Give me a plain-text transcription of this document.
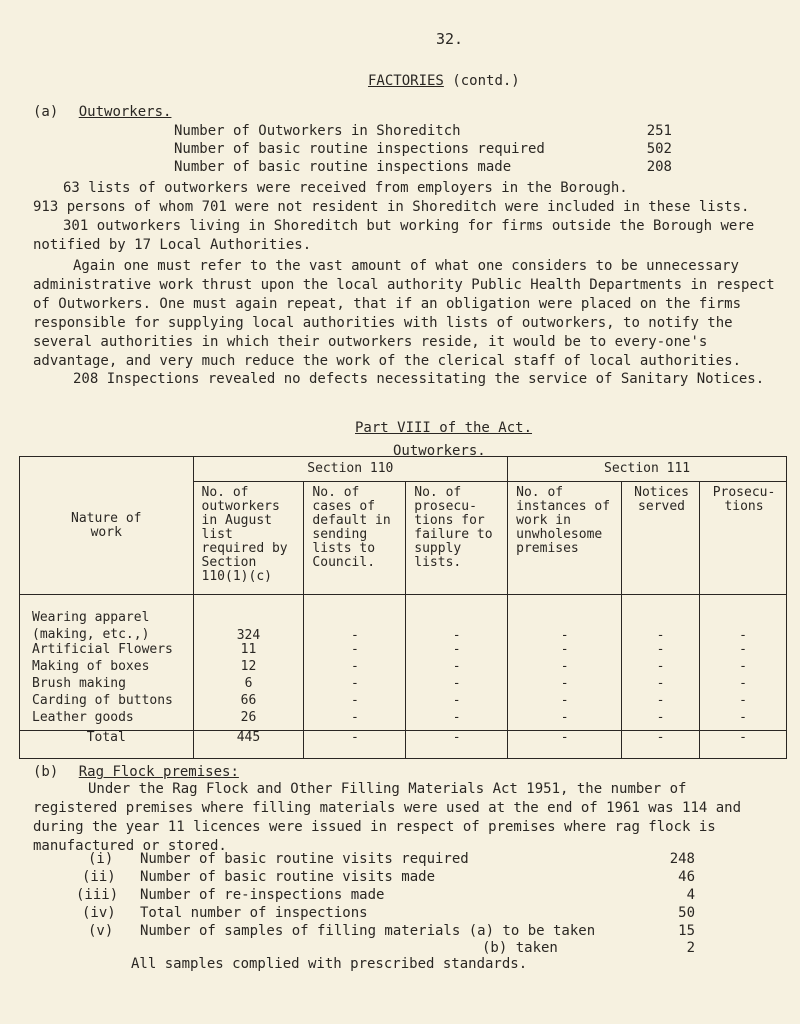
32.
FACTORIES (contd.)
(a) Outworkers.
Number of Outworkers in Shoreditch	251
Number of basic routine inspections required	502
Number of basic routine inspections made	208
63 lists of outworkers were received from employers in the Borough.
913 persons of whom 701 were not resident in Shoreditch were included in these lists.
301 outworkers living in Shoreditch but working for firms outside the Borough were notified by 17 Local Authorities.
Again one must refer to the vast amount of what one considers to be unnecessary administrative work thrust upon the local authority Public Health Departments in respect of Outworkers. One must again repeat, that if an obligation were placed on the firms responsible for supplying local authorities with lists of outworkers, to notify the several authorities in which their outworkers reside, it would be to every-one's advantage, and very much reduce the work of the clerical staff of local authorities.
208 Inspections revealed no defects necessitating the service of Sanitary Notices.
Part VIII of the Act.
Outworkers.
Nature of work	Section 110			Section 111		
	No. of outworkers in August list required by Section 110(1)(c)	No. of cases of default in sending lists to Council.	No. of prosecu-tions for failure to supply lists.	No. of instances of work in unwholesome premises	Notices served	Prosecu-tions

Wearing apparel (making, etc.,)	324	-	-	-	-	-
Artificial Flowers	11	-	-	-	-	-
Making of boxes	12	-	-	-	-	-
Brush making	6	-	-	-	-	-
Carding of buttons	66	-	-	-	-	-
Leather goods	26	-	-	-	-	-
Total	445	-	-	-	-	-
(b) Rag Flock premises:
Under the Rag Flock and Other Filling Materials Act 1951, the number of registered premises where filling materials were used at the end of 1961 was 114 and during the year 11 licences were issued in respect of premises where rag flock is manufactured or stored.
(i) Number of basic routine visits required	248
(ii) Number of basic routine visits made	46
(iii) Number of re-inspections made	4
(iv) Total number of inspections	50
(v) Number of samples of filling materials (a) to be taken	15
(b) taken	2
All samples complied with prescribed standards.
